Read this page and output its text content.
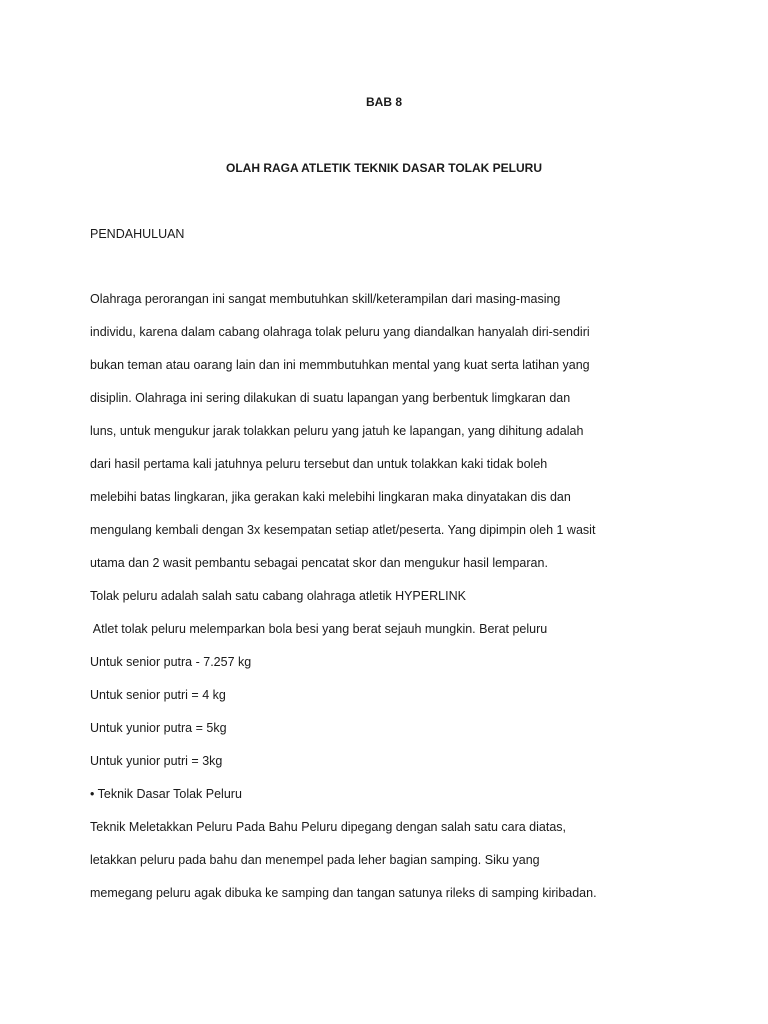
BAB 8
OLAH RAGA ATLETIK TEKNIK DASAR TOLAK PELURU
PENDAHULUAN
Olahraga perorangan ini sangat membutuhkan skill/keterampilan dari masing-masing
individu, karena dalam cabang olahraga tolak peluru yang diandalkan hanyalah diri-sendiri
bukan teman atau oarang lain dan ini memmbutuhkan mental yang kuat serta latihan yang
disiplin. Olahraga ini sering dilakukan di suatu lapangan yang berbentuk limgkaran dan
luns, untuk mengukur jarak tolakkan peluru yang jatuh ke lapangan, yang dihitung adalah
dari hasil pertama kali jatuhnya peluru tersebut dan untuk tolakkan kaki tidak boleh
melebihi batas lingkaran, jika gerakan kaki melebihi lingkaran maka dinyatakan dis dan
mengulang kembali dengan 3x kesempatan setiap atlet/peserta. Yang dipimpin oleh 1 wasit
utama dan 2 wasit pembantu sebagai pencatat skor dan mengukur hasil lemparan.
Tolak peluru adalah salah satu cabang olahraga atletik HYPERLINK
Atlet tolak peluru melemparkan bola besi yang berat sejauh mungkin. Berat peluru
Untuk senior putra - 7.257 kg
Untuk senior putri = 4 kg
Untuk yunior putra = 5kg
Untuk yunior putri = 3kg
• Teknik Dasar Tolak Peluru
Teknik Meletakkan Peluru Pada Bahu Peluru dipegang dengan salah satu cara diatas,
letakkan peluru pada bahu dan menempel pada leher bagian samping. Siku yang
memegang peluru agak dibuka ke samping dan tangan satunya rileks di samping kiribadan.
